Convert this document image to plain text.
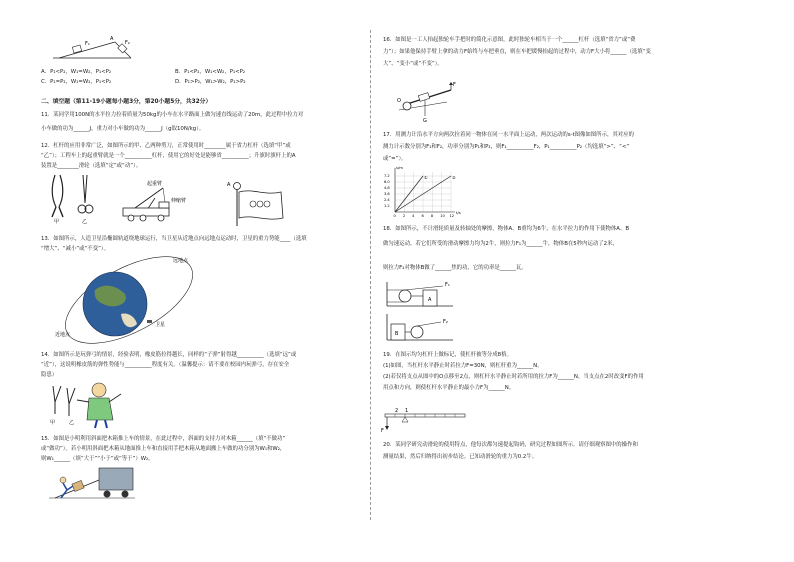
F₁
A
F₂
A．P₁<P₂，W₁=W₂，P₁<P₂	B．P₁<P₂，W₁<W₂，P₁<P₂
C．P₁=P₂，W₁=W₂，P₁<P₂	D．P₁>P₂，W₁>W₂，P₁>P₂
二、填空题（第11-19小题每小题3分，第20小题5分，共32分）
11．某同学用100N的水平拉力拉着质量为50kg的小车在水平路面上做匀速直线运动了20m，此过程中拉力对
小车做的功为______J，重力对小车做的功为______J（g取10N/kg）。
12．杠杆的应用非常广泛，如图所示的甲、乙两种剪刀，正常使用时________属于省力杠杆（选填“甲”或
“乙”）；工程车上的起重臂就是一个__________杠杆，使用它的好处是能够省__________；升旗时旗杆上的A
装置是________滑轮（选填“定”或“动”）。
甲	乙
起重臂
伸缩臂
A
13．如图所示，人造卫星沿椭圆轨道绕地球运行，当卫星从近地点向远地点运动时，卫星的重力势能____（选填
“增大”、“减小”或“不变”）。
远地点
近地点
卫星
14．如图所示是玩弹弓的情景，经验表明，橡皮筋拉得越长，同样的“子弹”射得越__________（选填“远”或
“近”），这说明橡皮筋的弹性势能与__________程度有关。（温馨提示：请不要在校园内玩弹弓，存在安全
隐患）
甲	乙
15．如图是小明利用斜面把木箱推上车的情景，在此过程中，斜面的支持力对木箱______（填“不做功”
或“做功”）。若小明用斜面把木箱从地面推上车和直接用手把木箱从地面搬上车做的功分别为W₁和W₂，
则W₁______（填“大于”“小于”或“等于”）W₂。
16．如图是一工人抬起独轮车手把时的简化示意图，此时独轮车相当于一个______杠杆（选填“省力”或“费
力”）；如果他保持手臂上拿的动力F始终与车把垂直，则在车把缓慢抬起的过程中，动力F大小将______（选填“变
大”、“变小”或“不变”）。
F
O
G
17．用测力计沿水平方向两次拉着同一物体在同一水平面上运动，两次运动的s-t图像如图所示，其对应的
测力计示数分别为F₁和F₂，功率分别为P₁和P₂，则F₁__________F₂，P₁__________P₂（均选填“>”、“<”
或“=”）。
0 2 4 6 8 10 12
1.2
2.4
3.6
4.8
6.0
7.2
t/s
s/m
①	②
18．如图所示，不计滑轮质量及转轴处的摩擦，物体A、B重均为6牛，在水平拉力的作用下使物体A、B
做匀速运动，若它们所受的滑动摩擦力均为2牛，则拉力F₁为______牛，物体B在5秒内运动了2米，
则拉力F₂对物体B做了______焦的功，它的功率是______瓦。
A
F₁
B
F₂
19．在图示均匀杠杆上做标记，使杠杆被等分成8格。
(1)如图，当杠杆水平静止时若拉力F=30N，则杠杆重为______N。
(2)若仅将支点从图中的O点移至2点，则杠杆水平静止时若所用的拉力F为______N，当支点在2时改变F的作用
用点和方向，则使杠杆水平静止的最小力F为______N。
2 1
F
20．某同学研究动滑轮的使用特点，他每次都匀速提起钩码，研究过程如图所示。请仔细观察图中的操作和
测量结果，然后归纳得出初步结论。已知动滑轮的重力为0.2牛。
